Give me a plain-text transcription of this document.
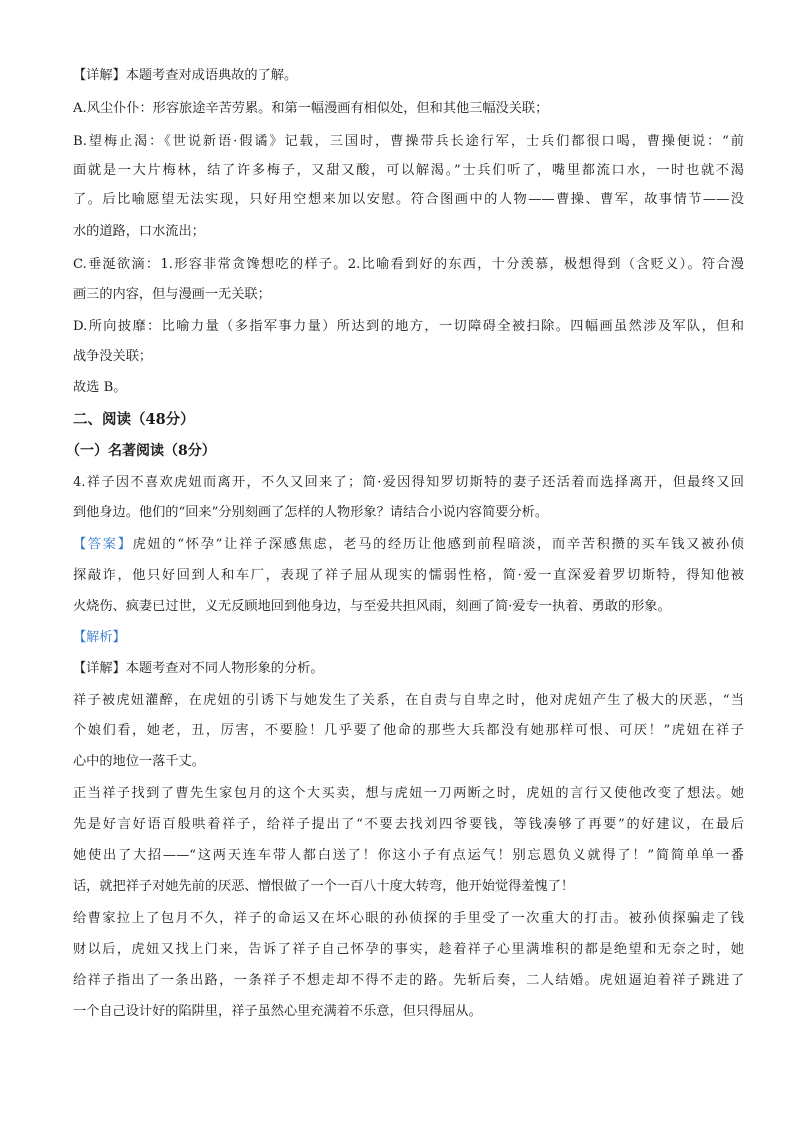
【详解】本题考查对成语典故的了解。
A.风尘仆仆：形容旅途辛苦劳累。和第一幅漫画有相似处，但和其他三幅没关联；
B.望梅止渴：《世说新语·假谲》记载，三国时，曹操带兵长途行军，士兵们都很口喝，曹操便说：“前
面就是一大片梅林，结了许多梅子，又甜又酸，可以解渴。”士兵们听了，嘴里都流口水，一时也就不渴
了。后比喻愿望无法实现，只好用空想来加以安慰。符合图画中的人物——曹操、曹军，故事情节——没
水的道路，口水流出；
C.垂涎欲滴：1.形容非常贪馋想吃的样子。2.比喻看到好的东西，十分羡慕，极想得到（含贬义）。符合漫
画三的内容，但与漫画一无关联；
D.所向披靡：比喻力量（多指军事力量）所达到的地方，一切障碍全被扫除。四幅画虽然涉及军队，但和
战争没关联；
故选 B。
二、阅读（48分）
（一）名著阅读（8分）
4.祥子因不喜欢虎妞而离开，不久又回来了；简·爱因得知罗切斯特的妻子还活着而选择离开，但最终又回
到他身边。他们的“回来”分别刻画了怎样的人物形象？请结合小说内容简要分析。
【答案】虎妞的“怀孕”让祥子深感焦虑，老马的经历让他感到前程暗淡，而辛苦积攒的买车钱又被孙侦
探敲诈，他只好回到人和车厂，表现了祥子屈从现实的懦弱性格，简·爱一直深爱着罗切斯特，得知他被
火烧伤、疯妻已过世，义无反顾地回到他身边，与至爱共担风雨，刻画了简·爱专一执着、勇敢的形象。
【解析】
【详解】本题考查对不同人物形象的分析。
祥子被虎妞灌醉，在虎妞的引诱下与她发生了关系，在自责与自卑之时，他对虎妞产生了极大的厌恶，“当
个娘们看，她老，丑，厉害，不要脸！几乎要了他命的那些大兵都没有她那样可恨、可厌！”虎妞在祥子
心中的地位一落千丈。
正当祥子找到了曹先生家包月的这个大买卖，想与虎妞一刀两断之时，虎妞的言行又使他改变了想法。她
先是好言好语百般哄着祥子，给祥子提出了“不要去找刘四爷要钱，等钱凑够了再要”的好建议，在最后
她使出了大招——“这两天连车带人都白送了！你这小子有点运气！别忘恩负义就得了！”简简单单一番
话，就把祥子对她先前的厌恶、憎恨做了一个一百八十度大转弯，他开始觉得羞愧了！
给曹家拉上了包月不久，祥子的命运又在坏心眼的孙侦探的手里受了一次重大的打击。被孙侦探骗走了钱
财以后，虎妞又找上门来，告诉了祥子自己怀孕的事实，趁着祥子心里满堆积的都是绝望和无奈之时，她
给祥子指出了一条出路，一条祥子不想走却不得不走的路。先斩后奏，二人结婚。虎妞逼迫着祥子跳进了
一个自己设计好的陷阱里，祥子虽然心里充满着不乐意，但只得屈从。
